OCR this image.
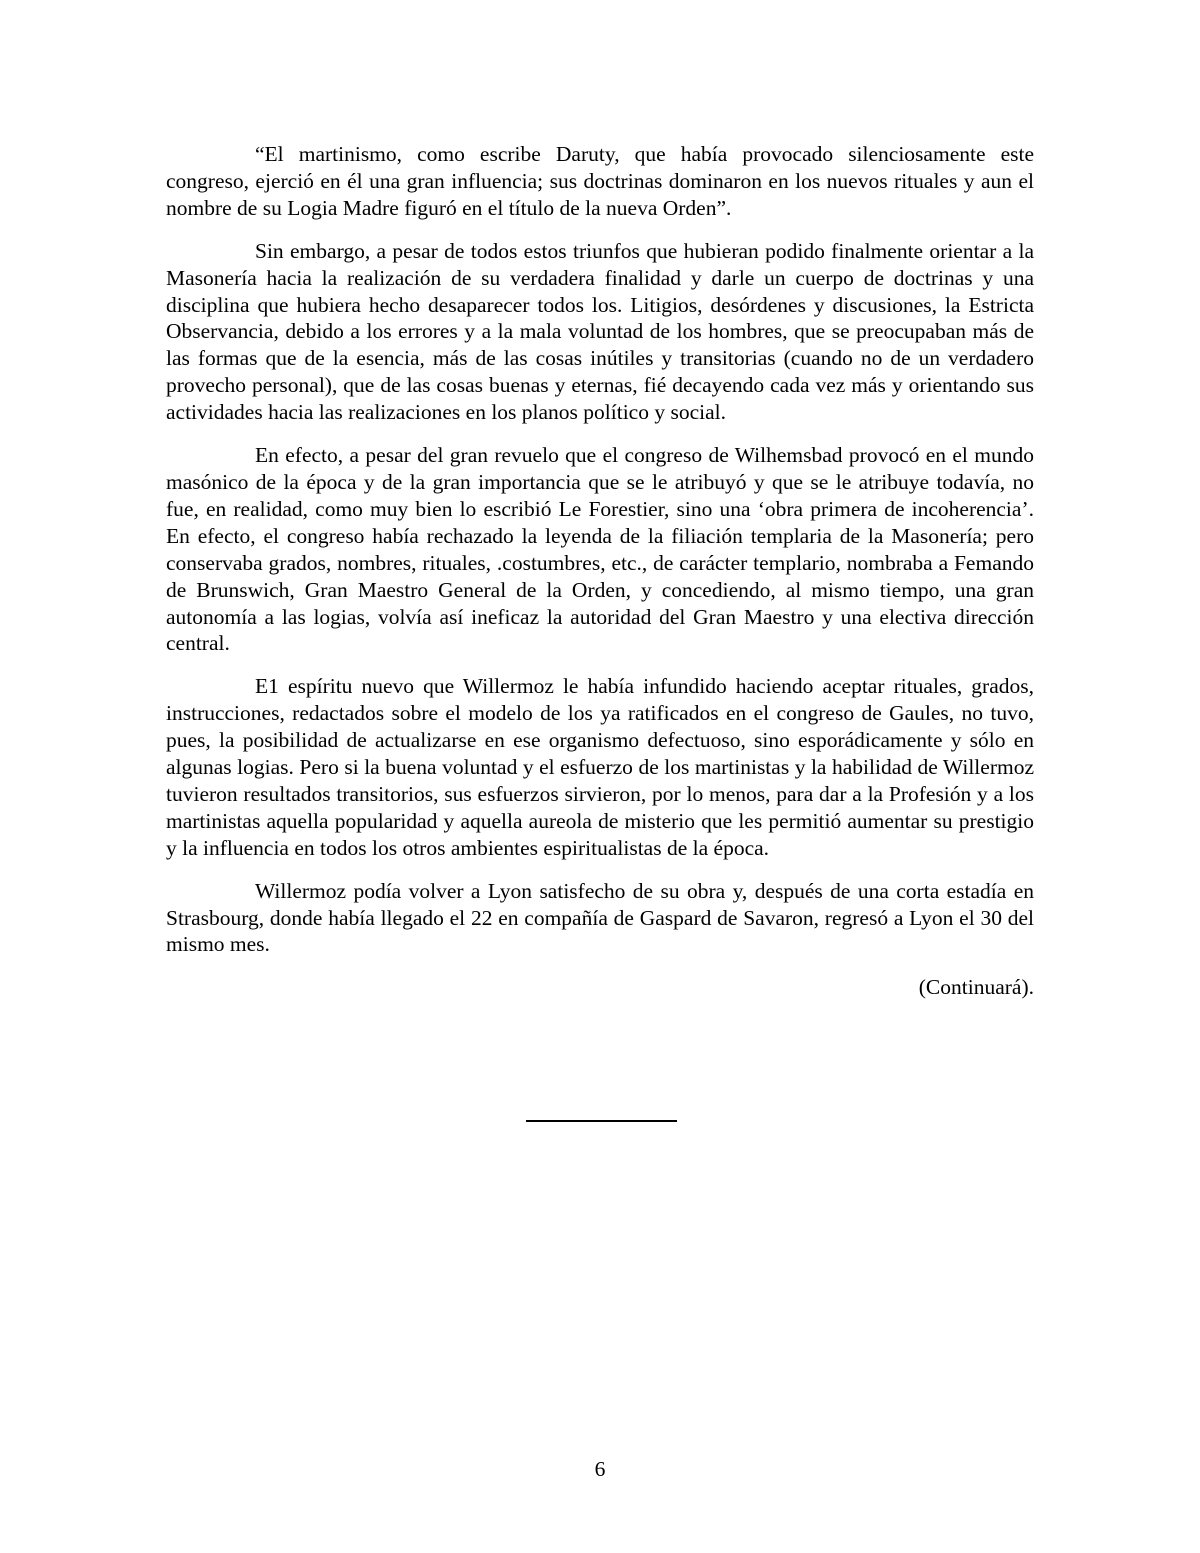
“El martinismo, como escribe Daruty, que había provocado silenciosamente este congreso, ejerció en él una gran influencia; sus doctrinas dominaron en los nuevos rituales y aun el nombre de su Logia Madre figuró en el título de la nueva Orden”.

Sin embargo, a pesar de todos estos triunfos que hubieran podido finalmente orientar a la Masonería hacia la realización de su verdadera finalidad y darle un cuerpo de doctrinas y una disciplina que hubiera hecho desaparecer todos los. Litigios, desórdenes y discusiones, la Estricta Observancia, debido a los errores y a la mala voluntad de los hombres, que se preocupaban más de las formas que de la esencia, más de las cosas inútiles y transitorias (cuando no de un verdadero provecho personal), que de las cosas buenas y eternas, fié decayendo cada vez más y orientando sus actividades hacia las realizaciones en los planos político y social.

En efecto, a pesar del gran revuelo que el congreso de Wilhemsbad provocó en el mundo masónico de la época y de la gran importancia que se le atribuyó y que se le atribuye todavía, no fue, en realidad, como muy bien lo escribió Le Forestier, sino una ‘obra primera de incoherencia’. En efecto, el congreso había rechazado la leyenda de la filiación templaria de la Masonería; pero conservaba grados, nombres, rituales, .costumbres, etc., de carácter templario, nombraba a Femando de Brunswich, Gran Maestro General de la Orden, y concediendo, al mismo tiempo, una gran autonomía a las logias, volvía así ineficaz la autoridad del Gran Maestro y una electiva dirección central.

E1 espíritu nuevo que Willermoz le había infundido haciendo aceptar rituales, grados, instrucciones, redactados sobre el modelo de los ya ratificados en el congreso de Gaules, no tuvo, pues, la posibilidad de actualizarse en ese organismo defectuoso, sino esporádicamente y sólo en algunas logias. Pero si la buena voluntad y el esfuerzo de los martinistas y la habilidad de Willermoz tuvieron resultados transitorios, sus esfuerzos sirvieron, por lo menos, para dar a la Profesión y a los martinistas aquella popularidad y aquella aureola de misterio que les permitió aumentar su prestigio y la influencia en todos los otros ambientes espiritualistas de la época.

Willermoz podía volver a Lyon satisfecho de su obra y, después de una corta estadía en Strasbourg, donde había llegado el 22 en compañía de Gaspard de Savaron, regresó a Lyon el 30 del mismo mes.

(Continuará).

6
